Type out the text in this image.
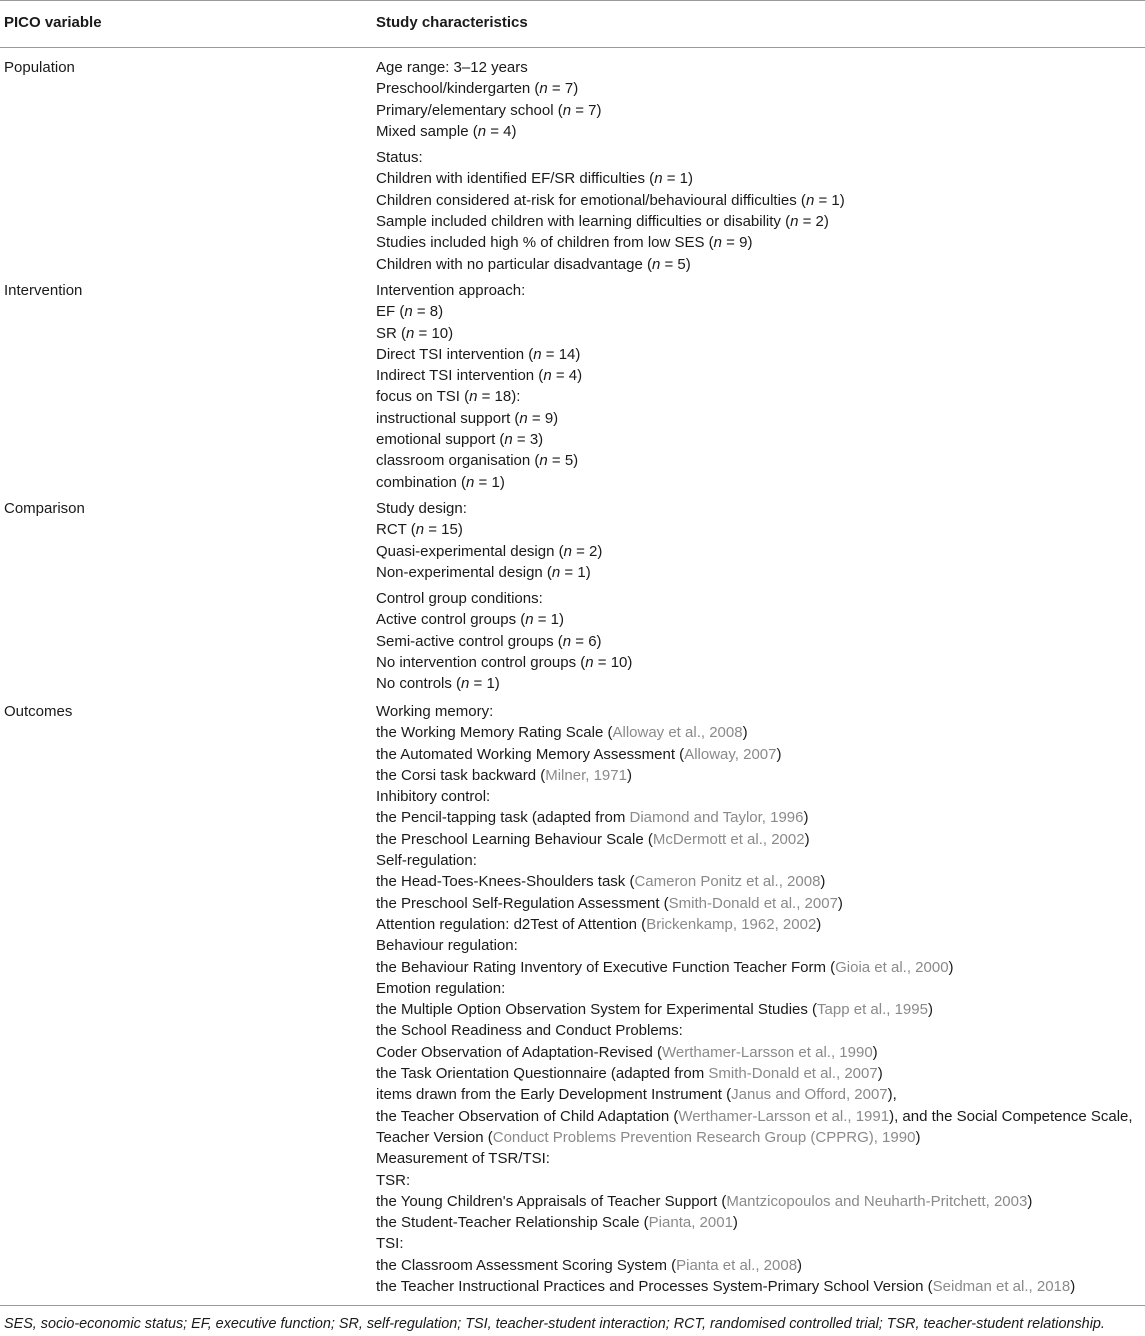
PICO variable	Study characteristics
Population	Age range: 3–12 years
Preschool/kindergarten (n = 7)
Primary/elementary school (n = 7)
Mixed sample (n = 4)
Status:
Children with identified EF/SR difficulties (n = 1)
Children considered at-risk for emotional/behavioural difficulties (n = 1)
Sample included children with learning difficulties or disability (n = 2)
Studies included high % of children from low SES (n = 9)
Children with no particular disadvantage (n = 5)
Intervention	Intervention approach:
EF (n = 8)
SR (n = 10)
Direct TSI intervention (n = 14)
Indirect TSI intervention (n = 4)
focus on TSI (n = 18):
instructional support (n = 9)
emotional support (n = 3)
classroom organisation (n = 5)
combination (n = 1)
Comparison	Study design:
RCT (n = 15)
Quasi-experimental design (n = 2)
Non-experimental design (n = 1)
Control group conditions:
Active control groups (n = 1)
Semi-active control groups (n = 6)
No intervention control groups (n = 10)
No controls (n = 1)
Outcomes	Working memory:
the Working Memory Rating Scale (Alloway et al., 2008)
the Automated Working Memory Assessment (Alloway, 2007)
the Corsi task backward (Milner, 1971)
Inhibitory control:
the Pencil-tapping task (adapted from Diamond and Taylor, 1996)
the Preschool Learning Behaviour Scale (McDermott et al., 2002)
Self-regulation:
the Head-Toes-Knees-Shoulders task (Cameron Ponitz et al., 2008)
the Preschool Self-Regulation Assessment (Smith-Donald et al., 2007)
Attention regulation: d2Test of Attention (Brickenkamp, 1962, 2002)
Behaviour regulation:
the Behaviour Rating Inventory of Executive Function Teacher Form (Gioia et al., 2000)
Emotion regulation:
the Multiple Option Observation System for Experimental Studies (Tapp et al., 1995)
the School Readiness and Conduct Problems:
Coder Observation of Adaptation-Revised (Werthamer-Larsson et al., 1990)
the Task Orientation Questionnaire (adapted from Smith-Donald et al., 2007)
items drawn from the Early Development Instrument (Janus and Offord, 2007),
the Teacher Observation of Child Adaptation (Werthamer-Larsson et al., 1991), and the Social Competence Scale,
Teacher Version (Conduct Problems Prevention Research Group (CPPRG), 1990)
Measurement of TSR/TSI:
TSR:
the Young Children's Appraisals of Teacher Support (Mantzicopoulos and Neuharth-Pritchett, 2003)
the Student-Teacher Relationship Scale (Pianta, 2001)
TSI:
the Classroom Assessment Scoring System (Pianta et al., 2008)
the Teacher Instructional Practices and Processes System-Primary School Version (Seidman et al., 2018)
SES, socio-economic status; EF, executive function; SR, self-regulation; TSI, teacher-student interaction; RCT, randomised controlled trial; TSR, teacher-student relationship.
